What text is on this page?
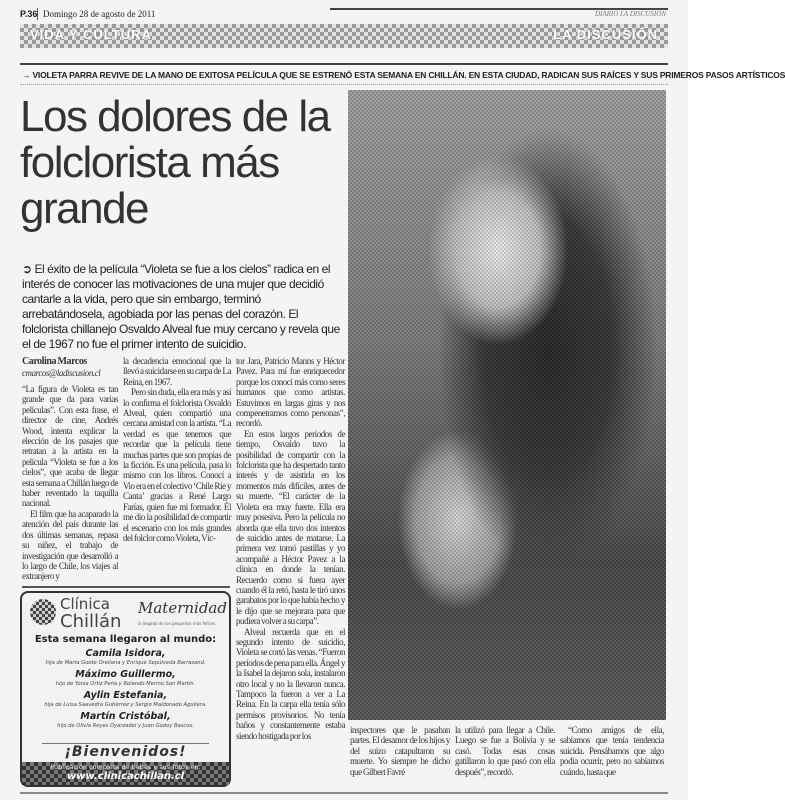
P.36 Domingo 28 de agosto de 2011	DIARIO LA DISCUSIÓN
VIDA Y CULTURA	LA DISCUSIÓN
→ VIOLETA PARRA REVIVE DE LA MANO DE EXITOSA PELÍCULA QUE SE ESTRENÓ ESTA SEMANA EN CHILLÁN. EN ESTA CIUDAD, RADICAN SUS RAÍCES Y SUS PRIMEROS PASOS ARTÍSTICOS
Los dolores de la folclorista más grande
➲ El éxito de la película “Violeta se fue a los cielos” radica en el interés de conocer las motivaciones de una mujer que decidió cantarle a la vida, pero que sin embargo, terminó arrebatándosela, agobiada por las penas del corazón. El folclorista chillanejo Osvaldo Alveal fue muy cercano y revela que el de 1967 no fue el primer intento de suicidio.
Carolina Marcos
cmarcos@ladiscusion.cl

“La figura de Violeta es tan grande que da para varias películas”. Con esta frase, el director de cine, Andrés Wood, intenta explicar la elección de los pasajes que retratan a la artista en la película “Violeta se fue a los cielos”, que acaba de llegar esta semana a Chillán luego de haber reventado la taquilla nacional.

El film que ha acaparado la atención del país durante las dos últimas semanas, repasa su niñez, el trabajo de investigación que desarrolló a lo largo de Chile, los viajes al extranjero y

la decadencia emocional que la llevó a suicidarse en su carpa de La Reina, en 1967.

Pero sin duda, ella era más y así lo confirma el folclorista Osvaldo Alveal, quien compartió una cercana amistad con la artista. “La verdad es que tenemos que recordar que la película tiene muchas partes que son propias de la ficción. Es una película, pasa lo mismo con los libros. Conocí a Vio era en el colectivo ‘Chile Ríe y Canta’ gracias a René Largo Farías, quien fue mi formador. Él me dio la posibilidad de compartir el escenario con los más grandes del folclor como Violeta, Víc-

tor Jara, Patricio Manns y Héctor Pavez. Para mí fue enriquecedor porque los conocí más como seres humanos que como artistas. Estuvimos en largas giras y nos compenetramos como personas”, recordó.

En estos largos períodos de tiempo, Osvaldo tuvo la posibilidad de compartir con la folclorista que ha despertado tanto interés y de asistirla en los momentos más difíciles, antes de su muerte. “El carácter de la Violeta era muy fuerte. Ella era muy posesiva. Pero la película no aborda que ella tuvo dos intentos de suicidio antes de matarse. La primera vez tomó pastillas y yo acompañé a Héctor Pavez a la clínica en donde la tenían. Recuerdo como si fuera ayer cuando él la retó, hasta le tiró unos garabatos por lo que había hecho y le dijo que se mejorara para que pudiera volver a su carpa”.

Alveal recuerda que en el segundo intento de suicidio, Violeta se cortó las venas. “Fueron períodos de pena para ella. Ángel y la Isabel la dejaron sola, instalaron otro local y no la llevaron nunca. Tampoco la fueron a ver a La Reina. En la carpa ella tenía sólo permisos provisorios. No tenía baños y constantemente estaba siendo hostigada por los

Clínica
Chillán
Maternidad
la llegada de los pequeños más felices
Esta semana llegaron al mundo:
Camila Isidora,
hija de Marta Goote Orellana y Enrique Sepúlveda Barrasand.
Máximo Guillermo,
hijo de Yonia Ortiz Peña y Rolando Merino San Martín.
Aylin Estefania,
hija de Luisa Saavedra Gutiérrez y Sergio Maldonado Aguilera.
Martín Cristóbal,
hijo de Olivia Reyes Oyarzadel y Juan Godoy Bascos.
¡Bienvenidos!
Publicación completa de bebés y sus fotos en:
www.clinicachillan.cl

inspectores que le pasaban partes. El desamor de los hijos y del suizo catapultaron su muerte. Yo siempre he dicho que Gilbert Favré

la utilizó para llegar a Chile. Luego se fue a Bolivia y se casó. Todas esas cosas gatillaron lo que pasó con ella después”, recordó.

“Como amigos de ella, sabíamos que tenía tendencia suicida. Pensábamos que algo podía ocurrir, pero no sabíamos cuándo, hasta que
